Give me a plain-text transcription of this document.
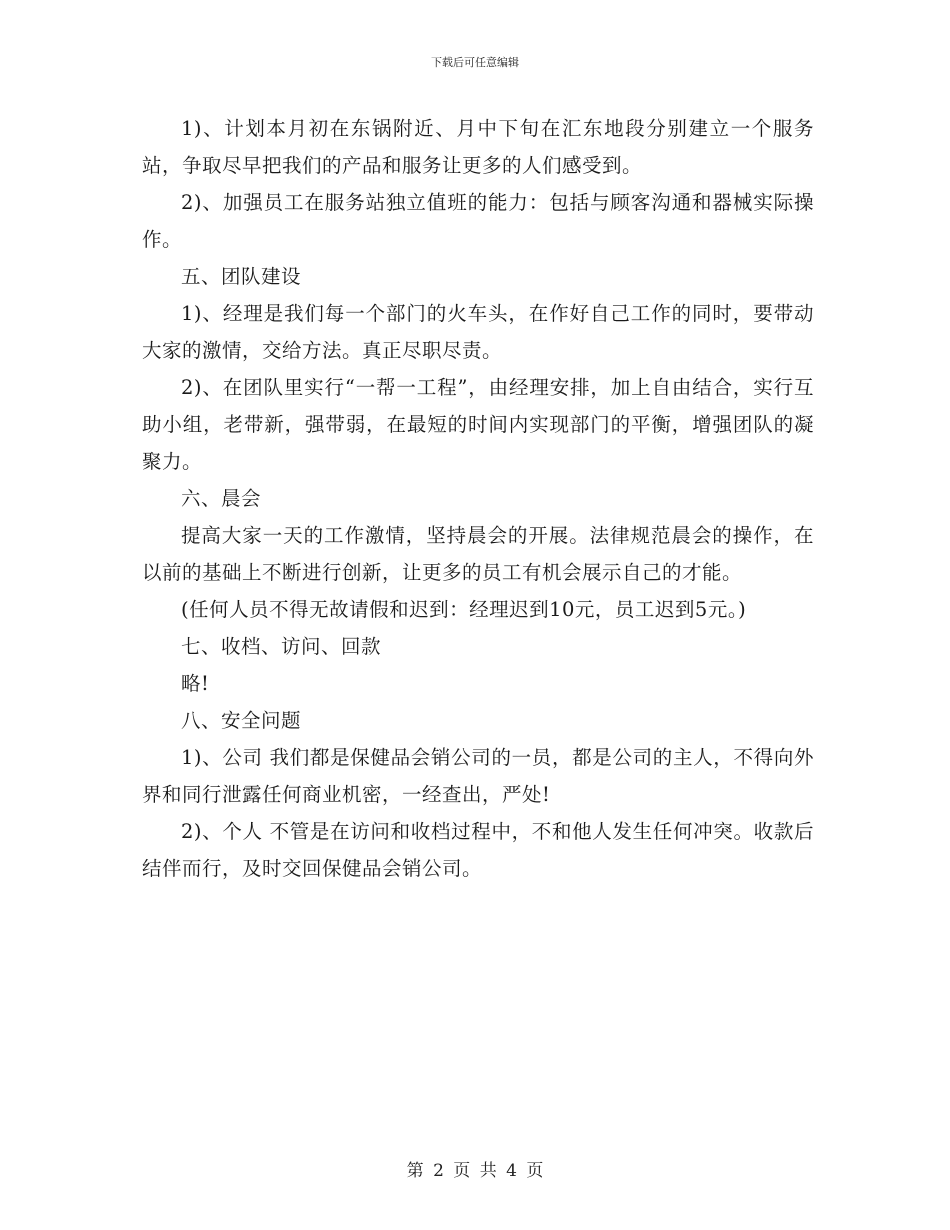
下载后可任意编辑

1)、计划本月初在东锅附近、月中下旬在汇东地段分别建立一个服务站，争取尽早把我们的产品和服务让更多的人们感受到。

2)、加强员工在服务站独立值班的能力：包括与顾客沟通和器械实际操作。

五、团队建设

1)、经理是我们每一个部门的火车头，在作好自己工作的同时，要带动大家的激情，交给方法。真正尽职尽责。

2)、在团队里实行“一帮一工程”，由经理安排，加上自由结合，实行互助小组，老带新，强带弱，在最短的时间内实现部门的平衡，增强团队的凝聚力。

六、晨会

提高大家一天的工作激情，坚持晨会的开展。法律规范晨会的操作，在以前的基础上不断进行创新，让更多的员工有机会展示自己的才能。

(任何人员不得无故请假和迟到：经理迟到10元，员工迟到5元。)

七、收档、访问、回款

略!

八、安全问题

1)、公司 我们都是保健品会销公司的一员，都是公司的主人，不得向外界和同行泄露任何商业机密，一经查出，严处!

2)、个人 不管是在访问和收档过程中，不和他人发生任何冲突。收款后结伴而行，及时交回保健品会销公司。

第 2 页 共 4 页
